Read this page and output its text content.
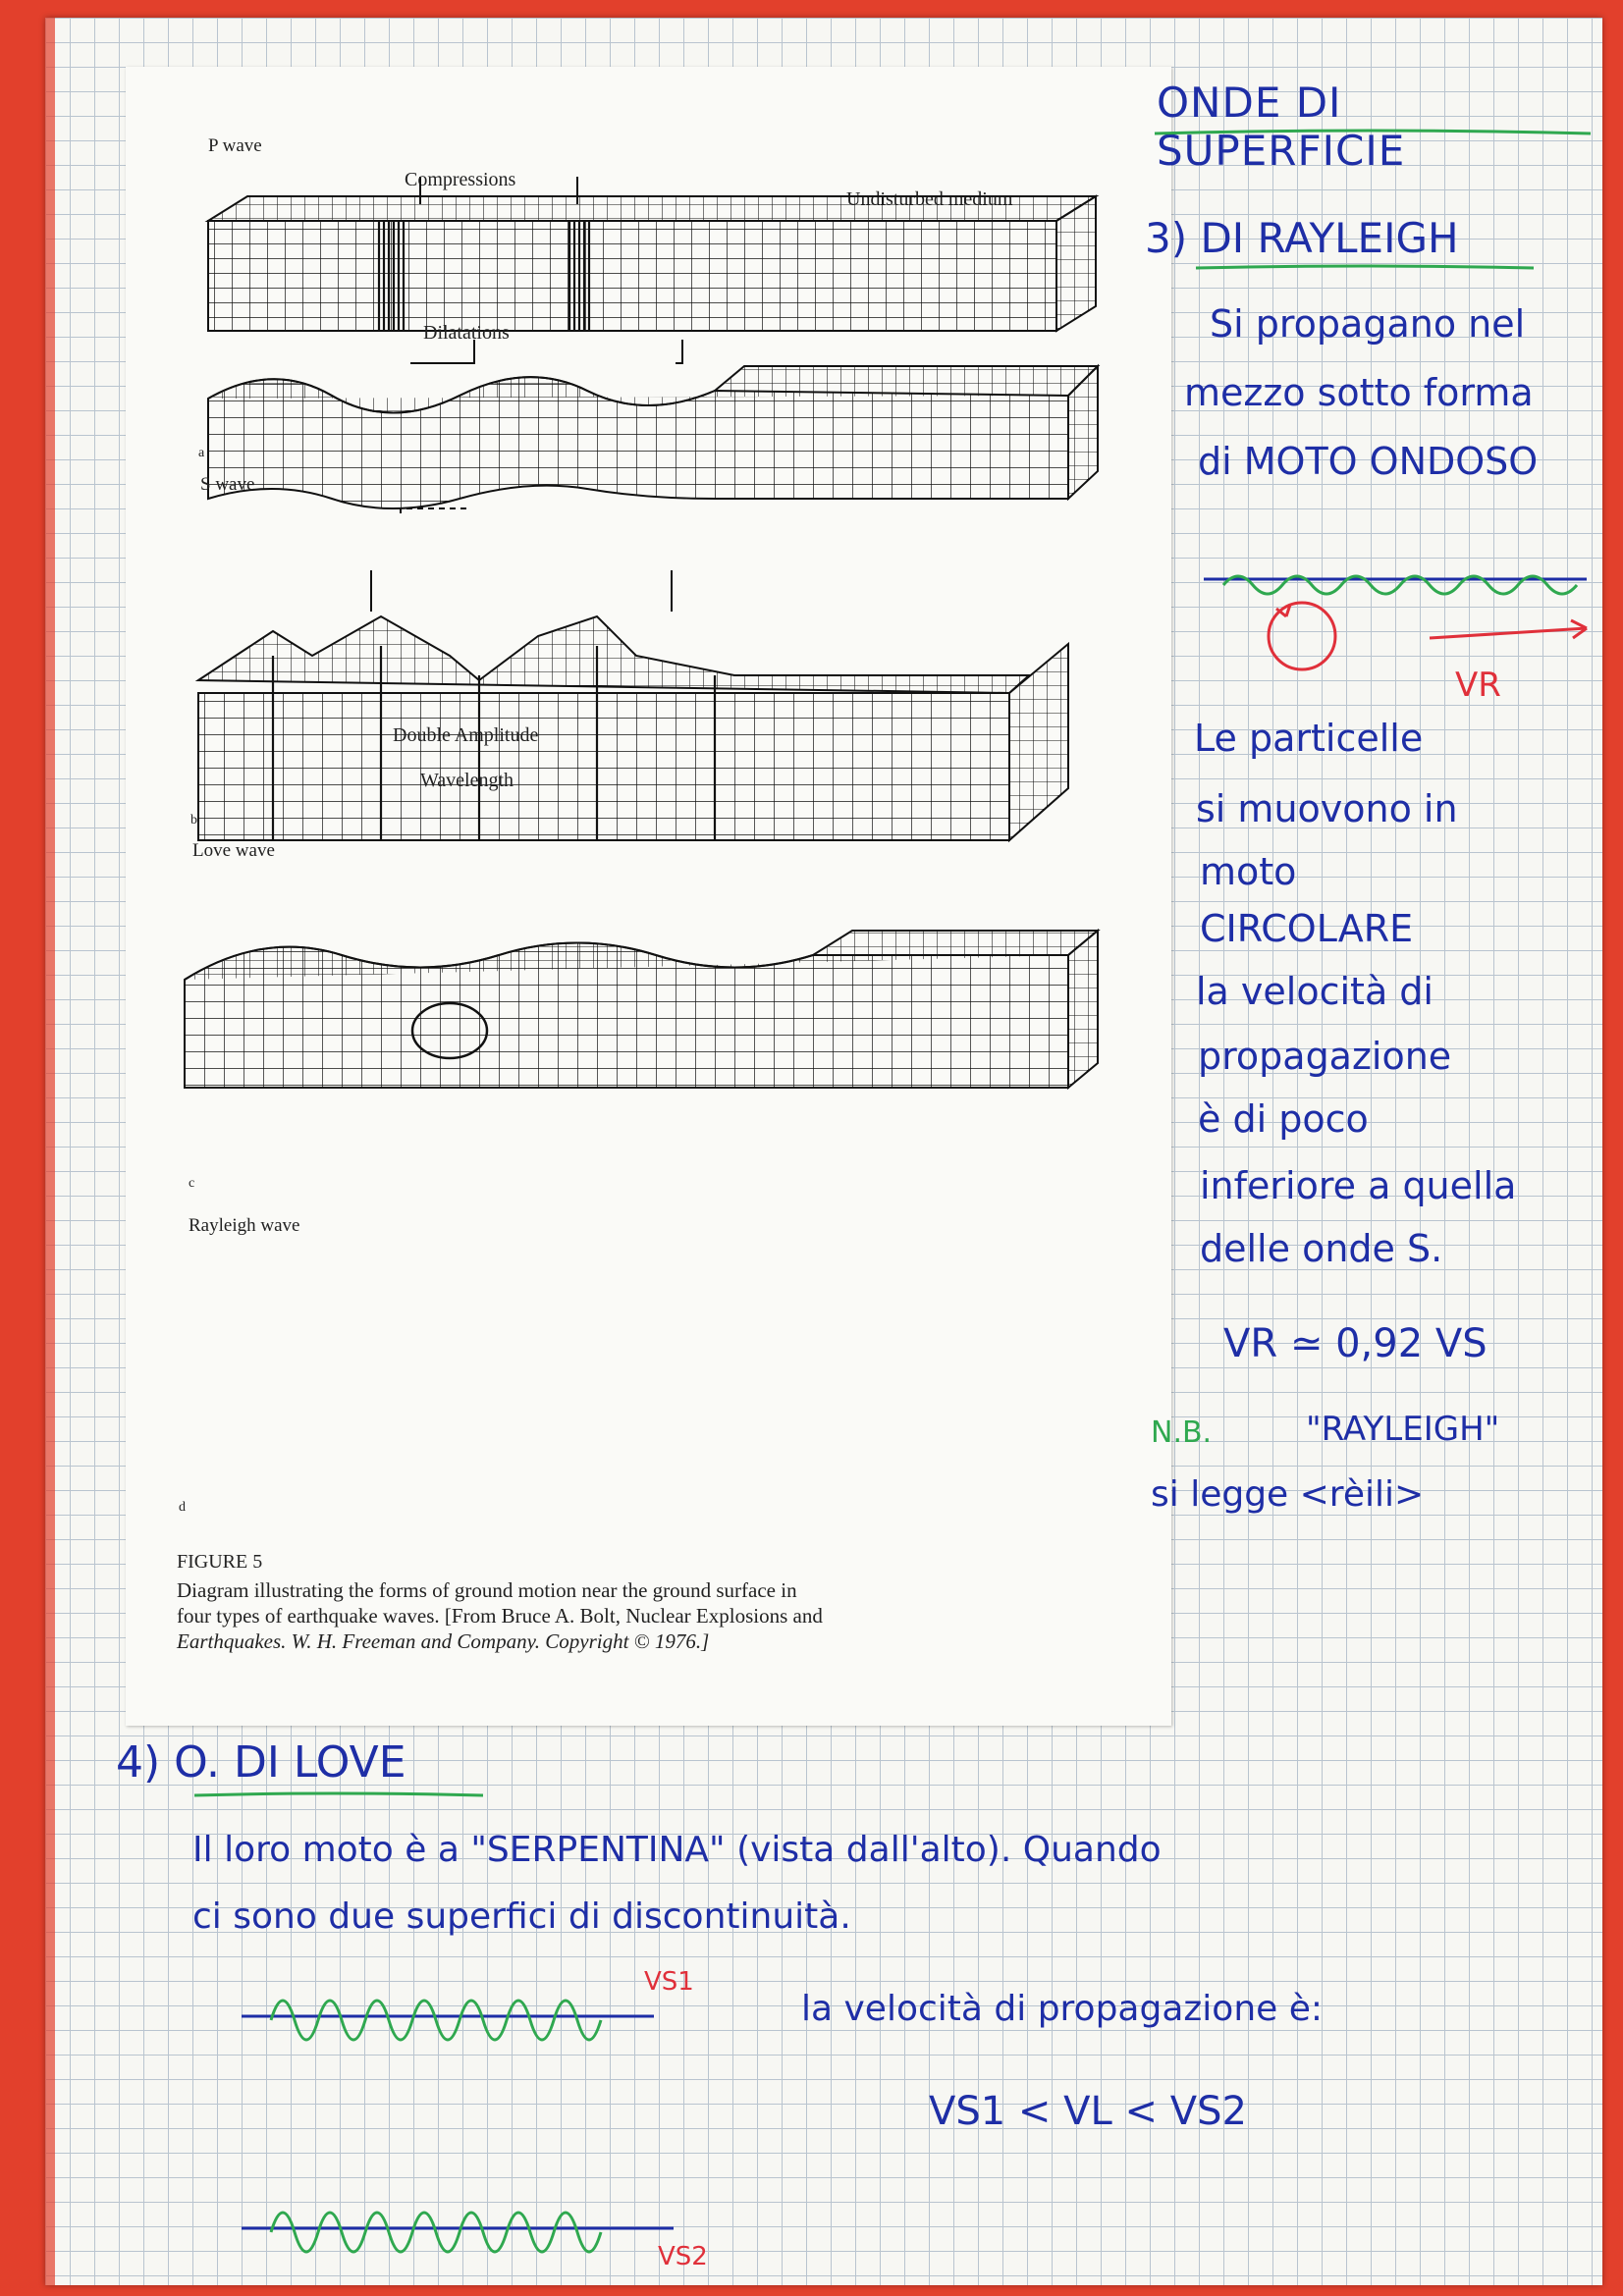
P wave
Compressions
Dilatations
a
S wave
Double Amplitude
Wavelength
b
Love wave
c
Rayleigh wave
d
FIGURE 5
Diagram illustrating the forms of ground motion near the ground surface in
four types of earthquake waves. [From Bruce A. Bolt, Nuclear Explosions and
Earthquakes. W. H. Freeman and Company. Copyright © 1976.]
ONDE DI SUPERFICIE
3) DI RAYLEIGH
Si propagano nel
mezzo sotto forma
di MOTO ONDOSO
VR
Le particelle
si muovono in
moto
CIRCOLARE
la velocità di
propagazione
è di poco
inferiore a quella
delle onde S.
VR ≃ 0,92 VS
N.B.	"RAYLEIGH"
si legge <rèili>
4) O. DI LOVE
Il loro moto è a "SERPENTINA" (vista dall'alto). Quando
ci sono due superfici di discontinuità.
VS1
VS2
la velocità di propagazione è:
VS1 < VL < VS2
